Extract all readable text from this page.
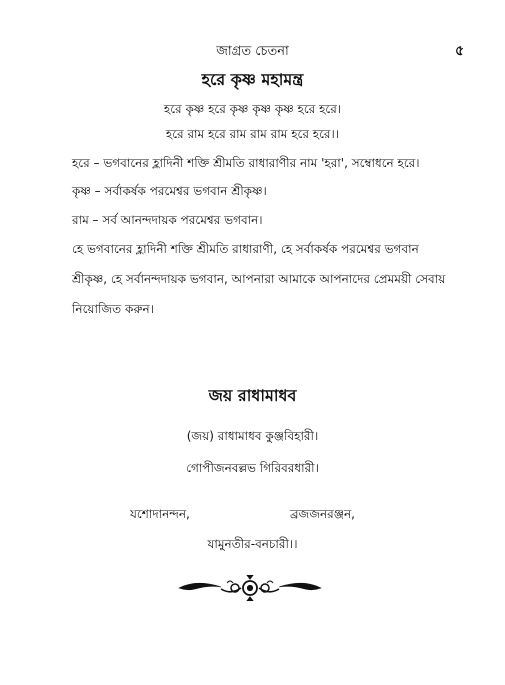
জাগ্রত চেতনা	৫
হরে কৃষ্ণ মহামন্ত্র
হরে কৃষ্ণ হরে কৃষ্ণ কৃষ্ণ কৃষ্ণ হরে হরে।
হরে রাম হরে রাম রাম রাম হরে হরে।।
হরে – ভগবানের হ্লাদিনী শক্তি শ্রীমতি রাধারাণীর নাম 'হরা', সম্বোধনে হরে।
কৃষ্ণ – সর্বাকর্ষক পরমেশ্বর ভগবান শ্রীকৃষ্ণ।
রাম – সর্ব আনন্দদায়ক পরমেশ্বর ভগবান।
হে ভগবানের হ্লাদিনী শক্তি শ্রীমতি রাধারাণী, হে সর্বাকর্ষক পরমেশ্বর ভগবান
শ্রীকৃষ্ণ, হে সর্বানন্দদায়ক ভগবান, আপনারা আমাকে আপনাদের প্রেমময়ী সেবায়
নিয়োজিত করুন।
জয় রাধামাধব
(জয়) রাধামাধব কুঞ্জবিহারী।
গোপীজনবল্লভ গিরিবরধারী।
যশোদানন্দন,	ব্রজজনরঞ্জন,
যামুনতীর-বনচারী।।
